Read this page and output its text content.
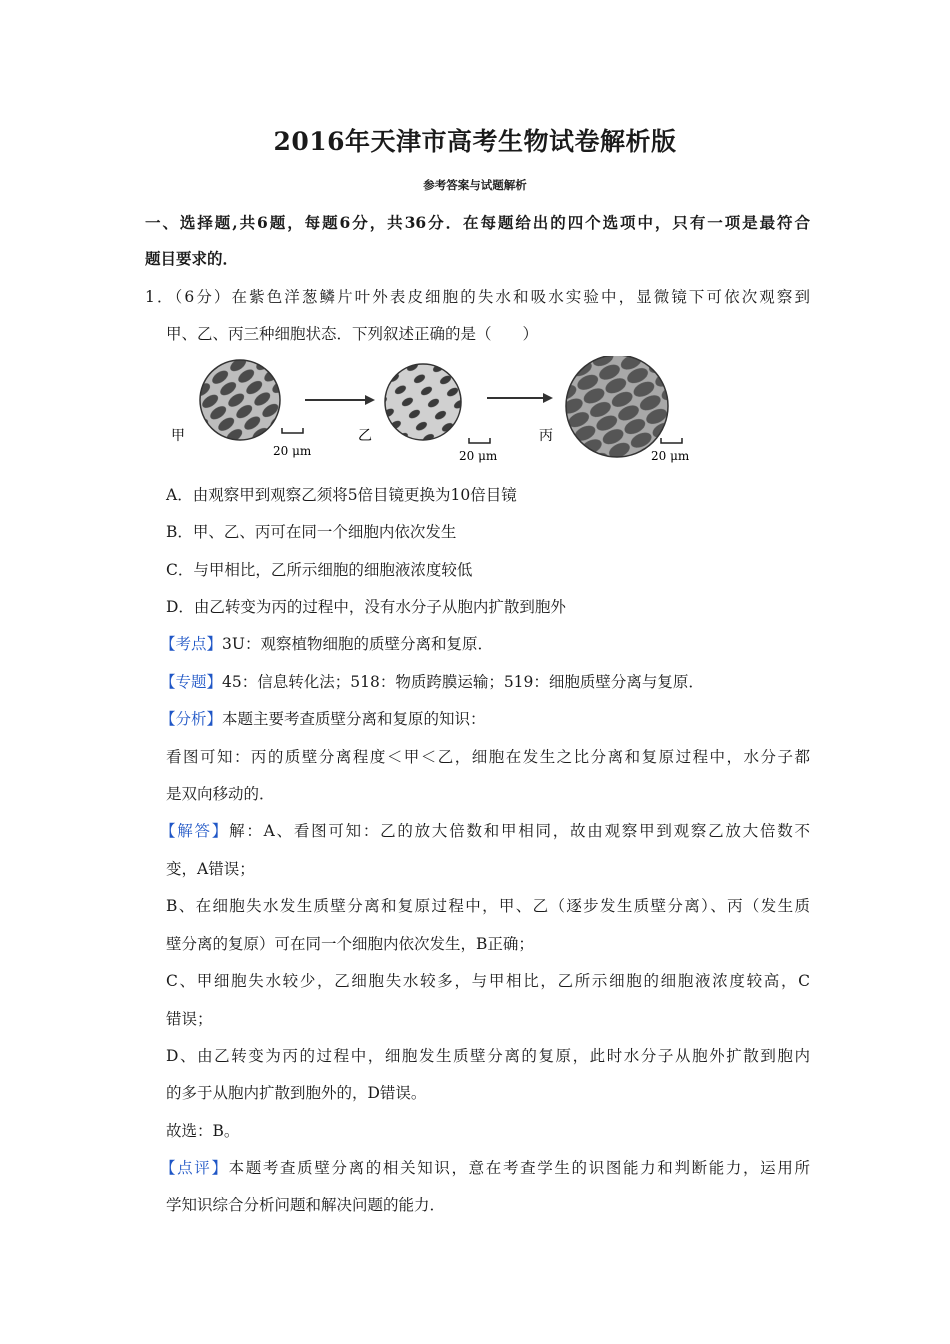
2016年天津市高考生物试卷解析版
参考答案与试题解析
一、选择题,共6题，每题6分，共36分．在每题给出的四个选项中，只有一项是最符合
题目要求的．
1．（6分）在紫色洋葱鳞片叶外表皮细胞的失水和吸水实验中，显微镜下可依次观察到
甲、乙、丙三种细胞状态．下列叙述正确的是（　　）
甲
20 μm
乙
20 μm
丙
20 μm
A．由观察甲到观察乙须将5倍目镜更换为10倍目镜
B．甲、乙、丙可在同一个细胞内依次发生
C．与甲相比，乙所示细胞的细胞液浓度较低
D．由乙转变为丙的过程中，没有水分子从胞内扩散到胞外
【考点】3U：观察植物细胞的质壁分离和复原．
【专题】45：信息转化法；518：物质跨膜运输；519：细胞质壁分离与复原．
【分析】本题主要考查质壁分离和复原的知识：
看图可知：丙的质壁分离程度＜甲＜乙，细胞在发生之比分离和复原过程中，水分子都
是双向移动的．
【解答】解：A、看图可知：乙的放大倍数和甲相同，故由观察甲到观察乙放大倍数不
变，A错误；
B、在细胞失水发生质壁分离和复原过程中，甲、乙（逐步发生质壁分离）、丙（发生质
壁分离的复原）可在同一个细胞内依次发生，B正确；
C、甲细胞失水较少，乙细胞失水较多，与甲相比，乙所示细胞的细胞液浓度较高，C
错误；
D、由乙转变为丙的过程中，细胞发生质壁分离的复原，此时水分子从胞外扩散到胞内
的多于从胞内扩散到胞外的，D错误。
故选：B。
【点评】本题考查质壁分离的相关知识，意在考查学生的识图能力和判断能力，运用所
学知识综合分析问题和解决问题的能力．
